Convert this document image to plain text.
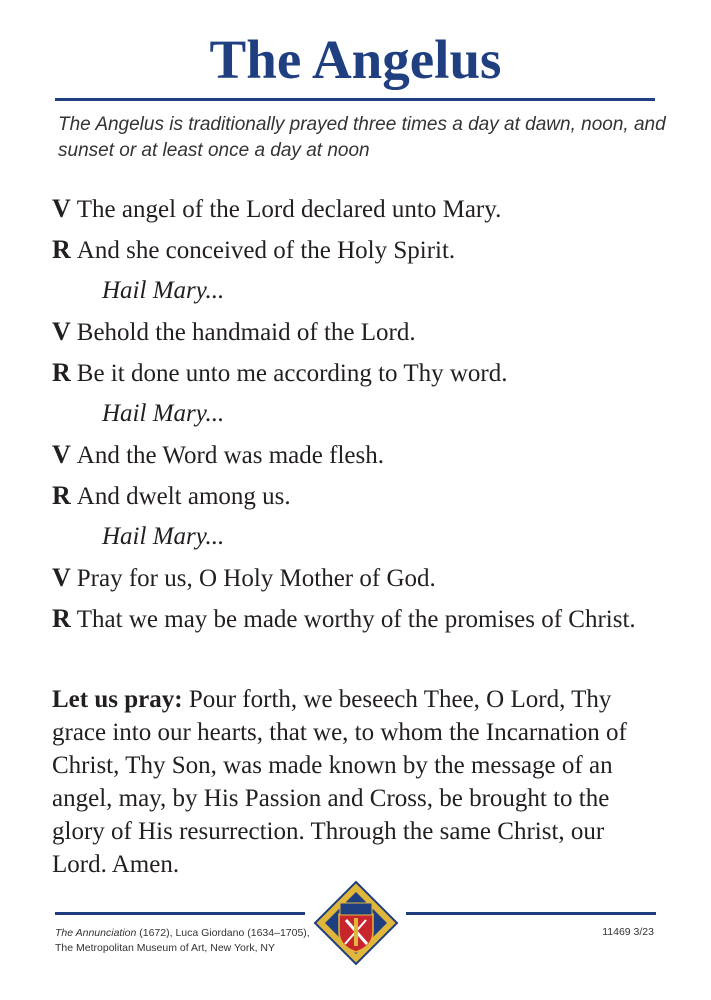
The Angelus
The Angelus is traditionally prayed three times a day at dawn, noon, and sunset or at least once a day at noon
V The angel of the Lord declared unto Mary.
R And she conceived of the Holy Spirit.
Hail Mary...
V Behold the handmaid of the Lord.
R Be it done unto me according to Thy word.
Hail Mary...
V And the Word was made flesh.
R And dwelt among us.
Hail Mary...
V Pray for us, O Holy Mother of God.
R That we may be made worthy of the promises of Christ.
Let us pray: Pour forth, we beseech Thee, O Lord, Thy grace into our hearts, that we, to whom the Incarnation of Christ, Thy Son, was made known by the message of an angel, may, by His Passion and Cross, be brought to the glory of His resurrection. Through the same Christ, our Lord. Amen.
The Annunciation (1672), Luca Giordano (1634–1705),
The Metropolitan Museum of Art, New York, NY
11469 3/23
